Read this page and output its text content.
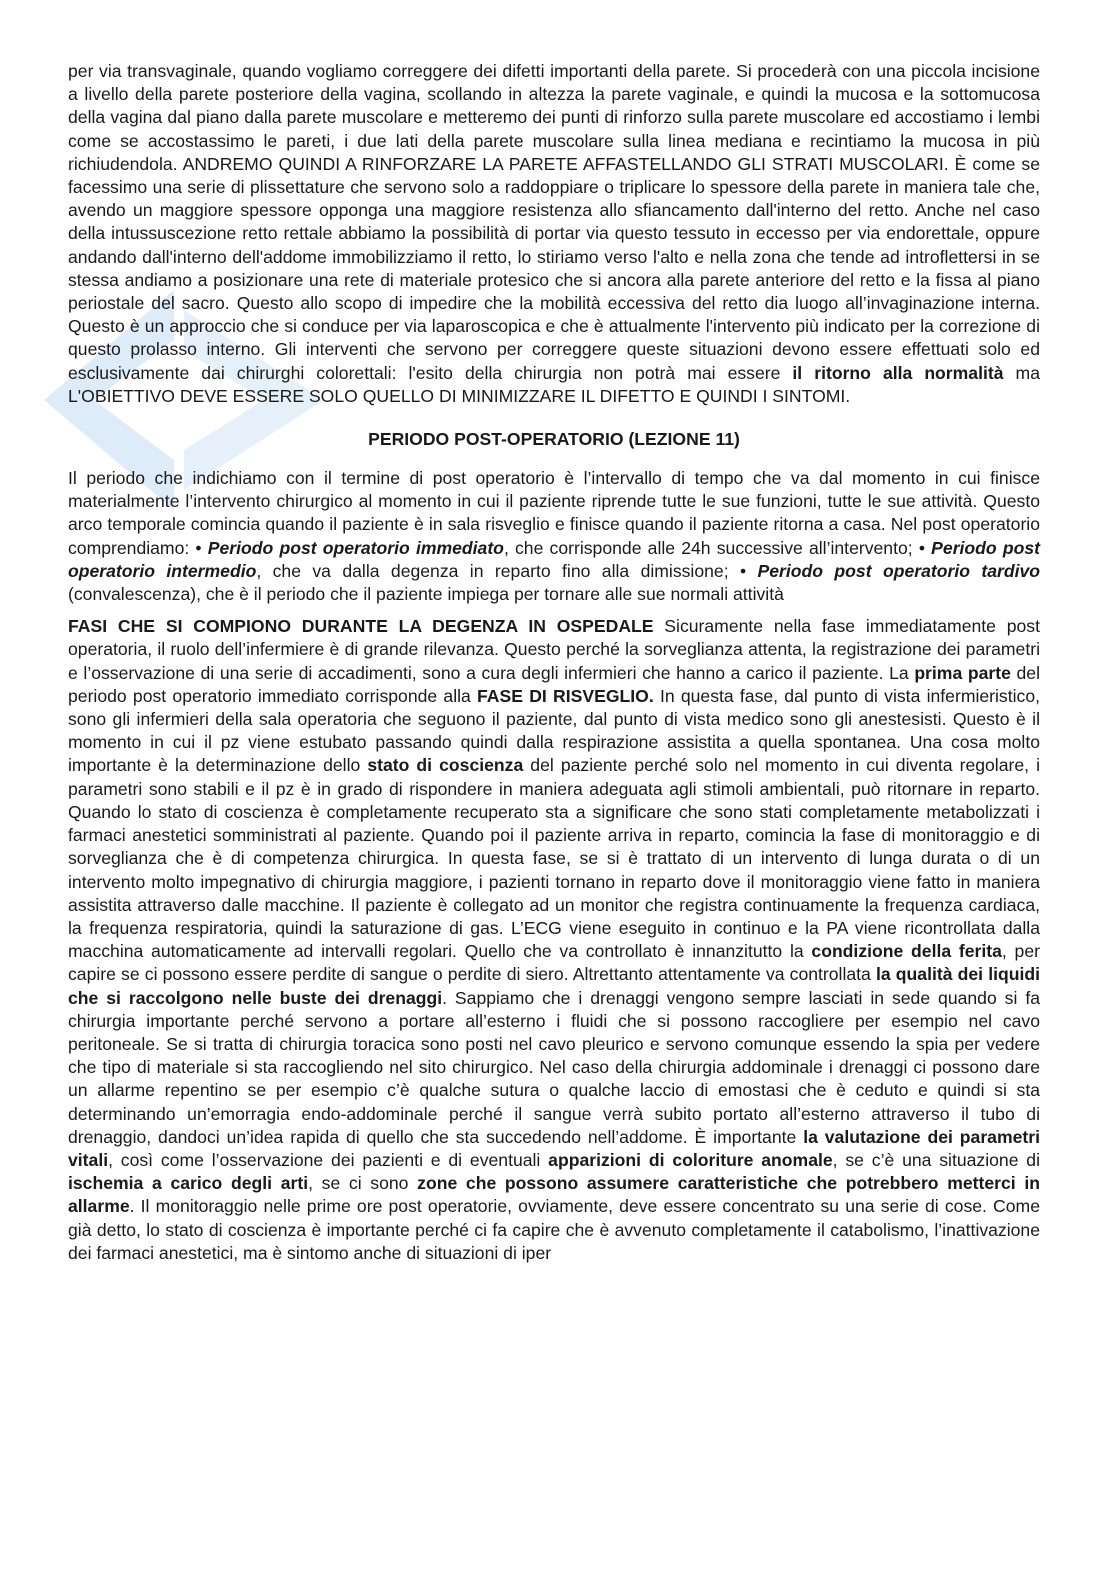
per via transvaginale, quando vogliamo correggere dei difetti importanti della parete. Si procederà con una piccola incisione a livello della parete posteriore della vagina, scollando in altezza la parete vaginale, e quindi la mucosa e la sottomucosa della vagina dal piano dalla parete muscolare e metteremo dei punti di rinforzo sulla parete muscolare ed accostiamo i lembi come se accostassimo le pareti, i due lati della parete muscolare sulla linea mediana e recintiamo la mucosa in più richiudendola. ANDREMO QUINDI A RINFORZARE LA PARETE AFFASTELLANDO GLI STRATI MUSCOLARI. È come se facessimo una serie di plissettature che servono solo a raddoppiare o triplicare lo spessore della parete in maniera tale che, avendo un maggiore spessore opponga una maggiore resistenza allo sfiancamento dall'interno del retto. Anche nel caso della intussuscezione retto rettale abbiamo la possibilità di portar via questo tessuto in eccesso per via endorettale, oppure andando dall'interno dell'addome immobilizziamo il retto, lo stiriamo verso l'alto e nella zona che tende ad introflettersi in se stessa andiamo a posizionare una rete di materiale protesico che si ancora alla parete anteriore del retto e la fissa al piano periostale del sacro. Questo allo scopo di impedire che la mobilità eccessiva del retto dia luogo all’invaginazione interna. Questo è un approccio che si conduce per via laparoscopica e che è attualmente l'intervento più indicato per la correzione di questo prolasso interno. Gli interventi che servono per correggere queste situazioni devono essere effettuati solo ed esclusivamente dai chirurghi colorettali: l'esito della chirurgia non potrà mai essere il ritorno alla normalità ma L'OBIETTIVO DEVE ESSERE SOLO QUELLO DI MINIMIZZARE IL DIFETTO E QUINDI I SINTOMI.

PERIODO POST-OPERATORIO (LEZIONE 11)

Il periodo che indichiamo con il termine di post operatorio è l’intervallo di tempo che va dal momento in cui finisce materialmente l’intervento chirurgico al momento in cui il paziente riprende tutte le sue funzioni, tutte le sue attività. Questo arco temporale comincia quando il paziente è in sala risveglio e finisce quando il paziente ritorna a casa. Nel post operatorio comprendiamo: • Periodo post operatorio immediato, che corrisponde alle 24h successive all’intervento; • Periodo post operatorio intermedio, che va dalla degenza in reparto fino alla dimissione; • Periodo post operatorio tardivo (convalescenza), che è il periodo che il paziente impiega per tornare alle sue normali attività

FASI CHE SI COMPIONO DURANTE LA DEGENZA IN OSPEDALE Sicuramente nella fase immediatamente post operatoria, il ruolo dell’infermiere è di grande rilevanza. Questo perché la sorveglianza attenta, la registrazione dei parametri e l’osservazione di una serie di accadimenti, sono a cura degli infermieri che hanno a carico il paziente. La prima parte del periodo post operatorio immediato corrisponde alla FASE DI RISVEGLIO. In questa fase, dal punto di vista infermieristico, sono gli infermieri della sala operatoria che seguono il paziente, dal punto di vista medico sono gli anestesisti. Questo è il momento in cui il pz viene estubato passando quindi dalla respirazione assistita a quella spontanea. Una cosa molto importante è la determinazione dello stato di coscienza del paziente perché solo nel momento in cui diventa regolare, i parametri sono stabili e il pz è in grado di rispondere in maniera adeguata agli stimoli ambientali, può ritornare in reparto. Quando lo stato di coscienza è completamente recuperato sta a significare che sono stati completamente metabolizzati i farmaci anestetici somministrati al paziente. Quando poi il paziente arriva in reparto, comincia la fase di monitoraggio e di sorveglianza che è di competenza chirurgica. In questa fase, se si è trattato di un intervento di lunga durata o di un intervento molto impegnativo di chirurgia maggiore, i pazienti tornano in reparto dove il monitoraggio viene fatto in maniera assistita attraverso dalle macchine. Il paziente è collegato ad un monitor che registra continuamente la frequenza cardiaca, la frequenza respiratoria, quindi la saturazione di gas. L’ECG viene eseguito in continuo e la PA viene ricontrollata dalla macchina automaticamente ad intervalli regolari. Quello che va controllato è innanzitutto la condizione della ferita, per capire se ci possono essere perdite di sangue o perdite di siero. Altrettanto attentamente va controllata la qualità dei liquidi che si raccolgono nelle buste dei drenaggi. Sappiamo che i drenaggi vengono sempre lasciati in sede quando si fa chirurgia importante perché servono a portare all’esterno i fluidi che si possono raccogliere per esempio nel cavo peritoneale. Se si tratta di chirurgia toracica sono posti nel cavo pleurico e servono comunque essendo la spia per vedere che tipo di materiale si sta raccogliendo nel sito chirurgico. Nel caso della chirurgia addominale i drenaggi ci possono dare un allarme repentino se per esempio c’è qualche sutura o qualche laccio di emostasi che è ceduto e quindi si sta determinando un’emorragia endo-addominale perché il sangue verrà subito portato all’esterno attraverso il tubo di drenaggio, dandoci un’idea rapida di quello che sta succedendo nell’addome. È importante la valutazione dei parametri vitali, così come l’osservazione dei pazienti e di eventuali apparizioni di coloriture anomale, se c’è una situazione di ischemia a carico degli arti, se ci sono zone che possono assumere caratteristiche che potrebbero metterci in allarme. Il monitoraggio nelle prime ore post operatorie, ovviamente, deve essere concentrato su una serie di cose. Come già detto, lo stato di coscienza è importante perché ci fa capire che è avvenuto completamente il catabolismo, l’inattivazione dei farmaci anestetici, ma è sintomo anche di situazioni di iper
